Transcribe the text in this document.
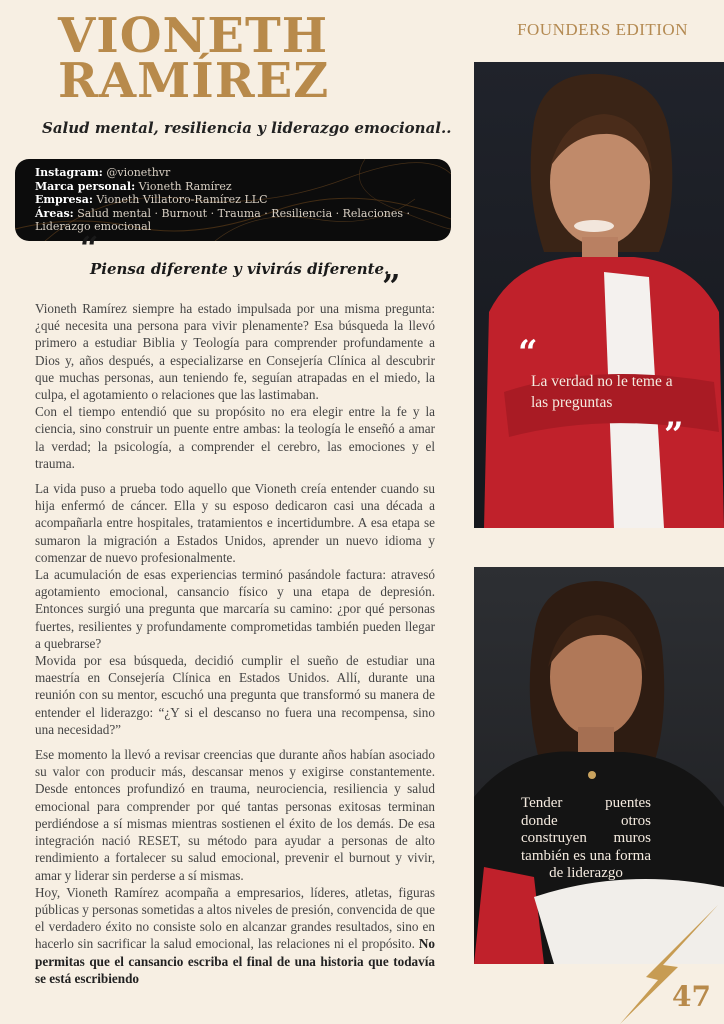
VIONETH
RAMÍREZ
FOUNDERS EDITION
Salud mental, resiliencia y liderazgo emocional..
Instagram: @vionethvr
Marca personal: Vioneth Ramírez
Empresa: Vioneth Villatoro-Ramírez LLC
Áreas: Salud mental · Burnout · Trauma · Resiliencia · Relaciones · Liderazgo emocional
“
Piensa diferente y vivirás diferente.
”

Vioneth Ramírez siempre ha estado impulsada por una misma pregunta: ¿qué necesita una persona para vivir plenamente? Esa búsqueda la llevó primero a estudiar Biblia y Teología para comprender profundamente a Dios y, años después, a especializarse en Consejería Clínica al descubrir que muchas personas, aun teniendo fe, seguían atrapadas en el miedo, la culpa, el agotamiento o relaciones que las lastimaban.

Con el tiempo entendió que su propósito no era elegir entre la fe y la ciencia, sino construir un puente entre ambas: la teología le enseñó a amar la verdad; la psicología, a comprender el cerebro, las emociones y el trauma.

La vida puso a prueba todo aquello que Vioneth creía entender cuando su hija enfermó de cáncer. Ella y su esposo dedicaron casi una década a acompañarla entre hospitales, tratamientos e incertidumbre. A esa etapa se sumaron la migración a Estados Unidos, aprender un nuevo idioma y comenzar de nuevo profesionalmente.

La acumulación de esas experiencias terminó pasándole factura: atravesó agotamiento emocional, cansancio físico y una etapa de depresión. Entonces surgió una pregunta que marcaría su camino: ¿por qué personas fuertes, resilientes y profundamente comprometidas también pueden llegar a quebrarse?

Movida por esa búsqueda, decidió cumplir el sueño de estudiar una maestría en Consejería Clínica en Estados Unidos. Allí, durante una reunión con su mentor, escuchó una pregunta que transformó su manera de entender el liderazgo: “¿Y si el descanso no fuera una recompensa, sino una necesidad?”

Ese momento la llevó a revisar creencias que durante años habían asociado su valor con producir más, descansar menos y exigirse constantemente. Desde entonces profundizó en trauma, neurociencia, resiliencia y salud emocional para comprender por qué tantas personas exitosas terminan perdiéndose a sí mismas mientras sostienen el éxito de los demás. De esa integración nació RESET, su método para ayudar a personas de alto rendimiento a fortalecer su salud emocional, prevenir el burnout y vivir, amar y liderar sin perderse a sí mismas.

Hoy, Vioneth Ramírez acompaña a empresarios, líderes, atletas, figuras públicas y personas sometidas a altos niveles de presión, convencida de que el verdadero éxito no consiste solo en alcanzar grandes resultados, sino en hacerlo sin sacrificar la salud emocional, las relaciones ni el propósito. No permitas que el cansancio escriba el final de una historia que todavía se está escribiendo

“
La verdad no le teme a las preguntas
”
Tender puentes donde otros construyen muros también es una forma de liderazgo
47
